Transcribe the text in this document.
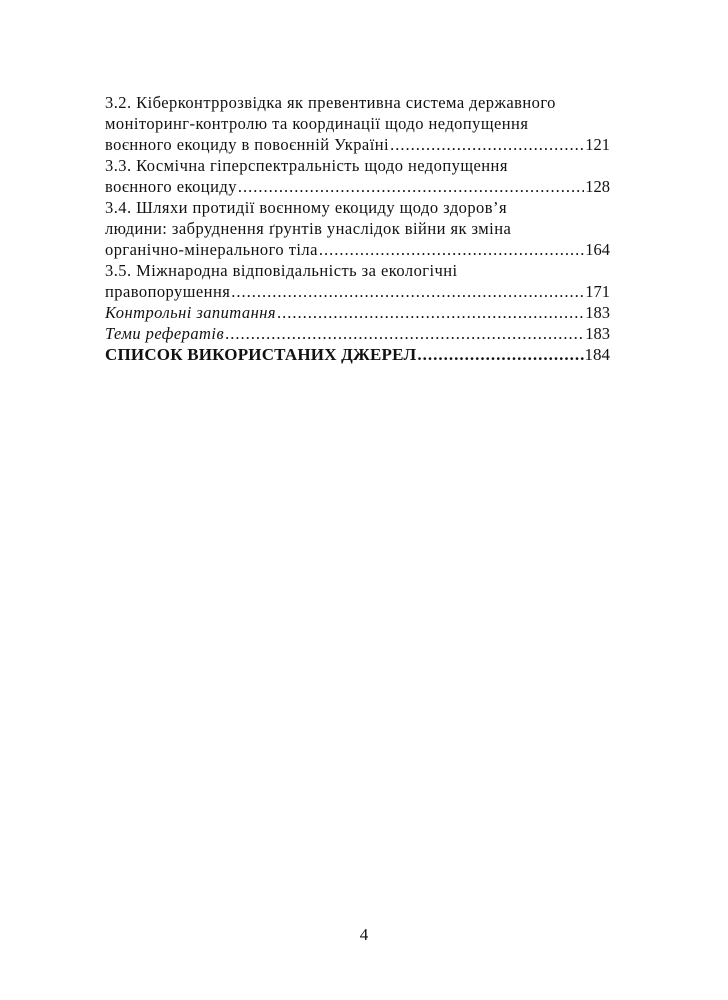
3.2. Кіберконтррозвідка як превентивна система державного
моніторинг-контролю та координації щодо недопущення
воєнного екоциду в повоєнній Україні .....	121
3.3. Космічна гіперспектральність щодо недопущення
воєнного екоциду .....	128
3.4. Шляхи протидії воєнному екоциду щодо здоров’я
людини: забруднення ґрунтів унаслідок війни як зміна
органічно-мінерального тіла .....	164
3.5. Міжнародна відповідальність за екологічні
правопорушення .....	171
Контрольні запитання .....	183
Теми рефератів .....	183
СПИСОК ВИКОРИСТАНИХ ДЖЕРЕЛ .....	184
4
